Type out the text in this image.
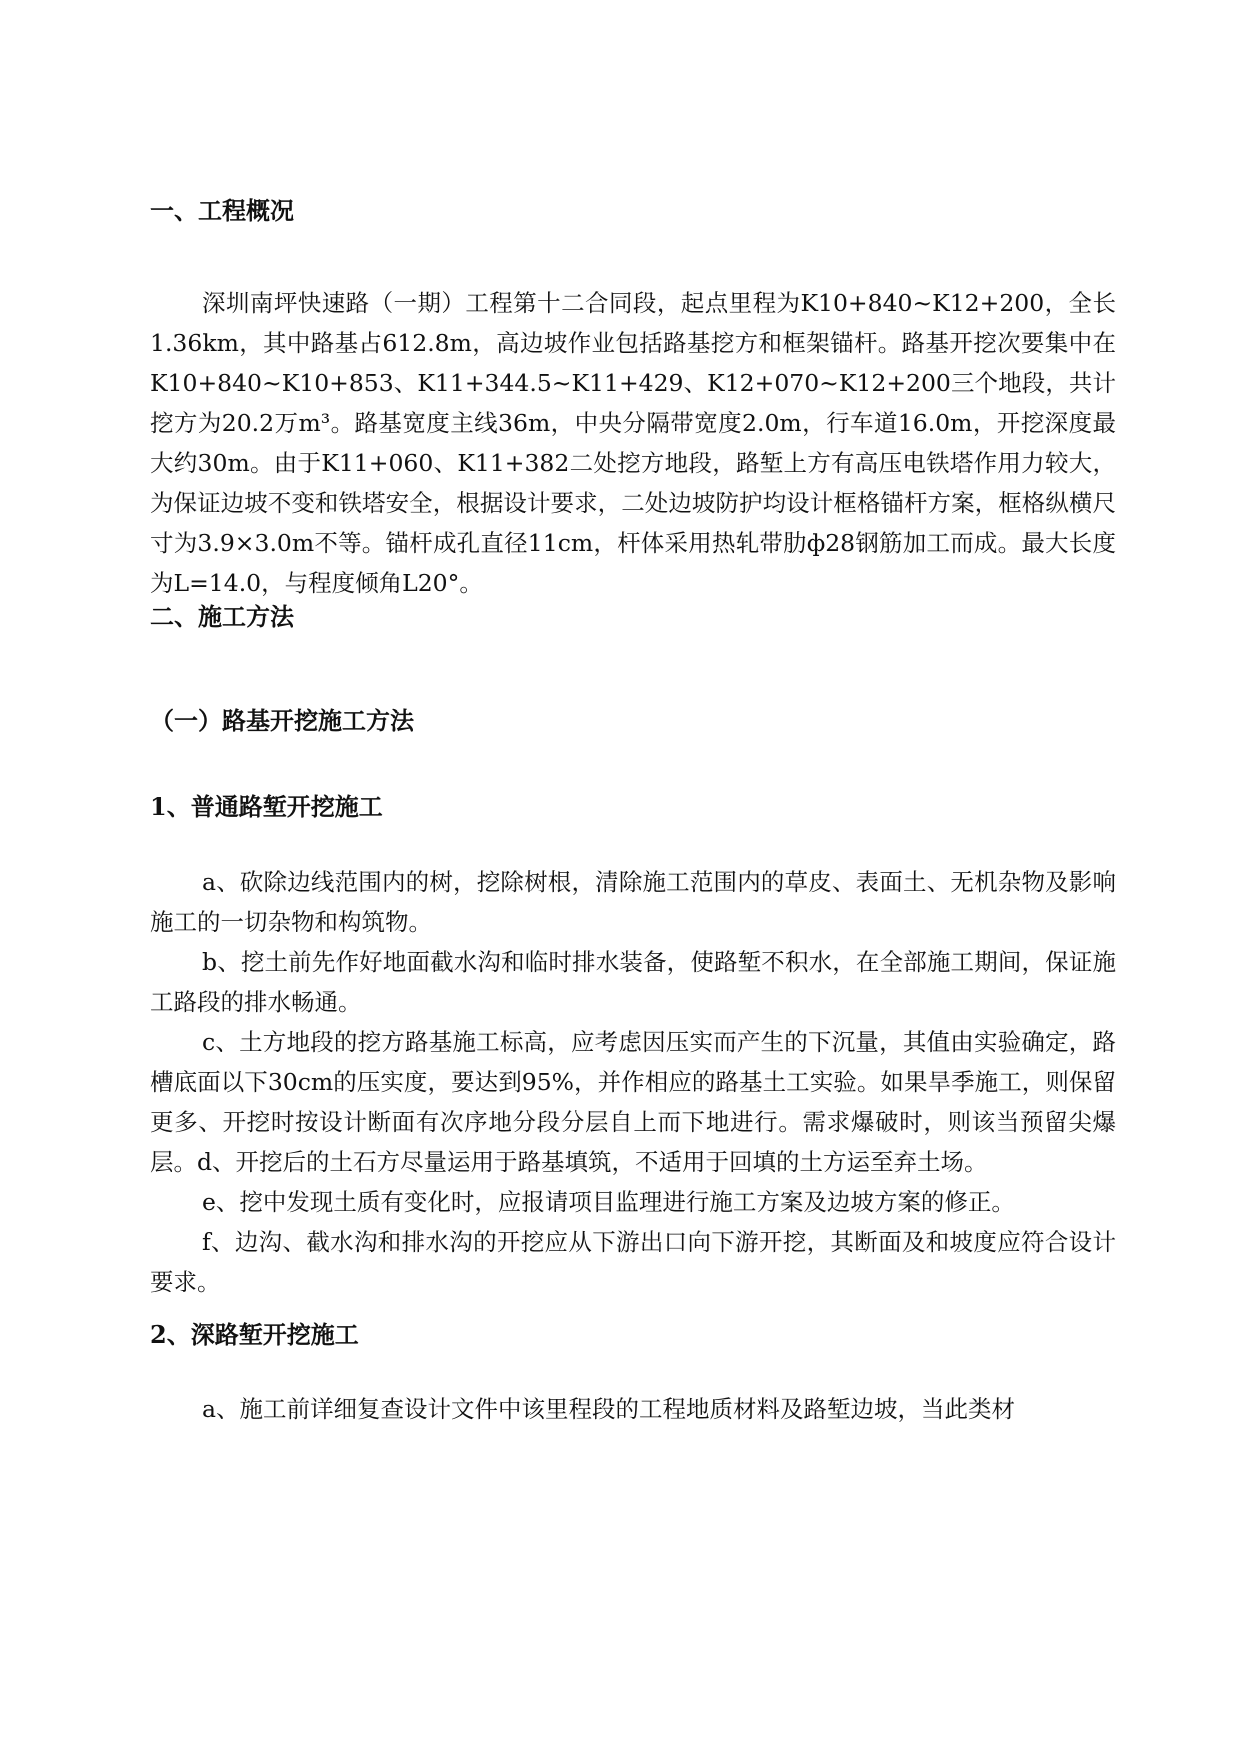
一、工程概况
深圳南坪快速路（一期）工程第十二合同段，起点里程为K10+840~K12+200，全长1.36km，其中路基占612.8m，高边坡作业包括路基挖方和框架锚杆。路基开挖次要集中在K10+840~K10+853、K11+344.5~K11+429、K12+070~K12+200三个地段，共计挖方为20.2万m³。路基宽度主线36m，中央分隔带宽度2.0m，行车道16.0m，开挖深度最大约30m。由于K11+060、K11+382二处挖方地段，路堑上方有高压电铁塔作用力较大，为保证边坡不变和铁塔安全，根据设计要求，二处边坡防护均设计框格锚杆方案，框格纵横尺寸为3.9×3.0m不等。锚杆成孔直径11cm，杆体采用热轧带肋ф28钢筋加工而成。最大长度为L=14.0，与程度倾角L20°。
二、施工方法
（一）路基开挖施工方法
1、普通路堑开挖施工
a、砍除边线范围内的树，挖除树根，清除施工范围内的草皮、表面土、无机杂物及影响施工的一切杂物和构筑物。
b、挖土前先作好地面截水沟和临时排水装备，使路堑不积水，在全部施工期间，保证施工路段的排水畅通。
c、土方地段的挖方路基施工标高，应考虑因压实而产生的下沉量，其值由实验确定，路槽底面以下30cm的压实度，要达到95%，并作相应的路基土工实验。如果旱季施工，则保留更多、开挖时按设计断面有次序地分段分层自上而下地进行。需求爆破时，则该当预留尖爆层。d、开挖后的土石方尽量运用于路基填筑，不适用于回填的土方运至弃土场。
e、挖中发现土质有变化时，应报请项目监理进行施工方案及边坡方案的修正。
f、边沟、截水沟和排水沟的开挖应从下游出口向下游开挖，其断面及和坡度应符合设计要求。
2、深路堑开挖施工
a、施工前详细复查设计文件中该里程段的工程地质材料及路堑边坡，当此类材
